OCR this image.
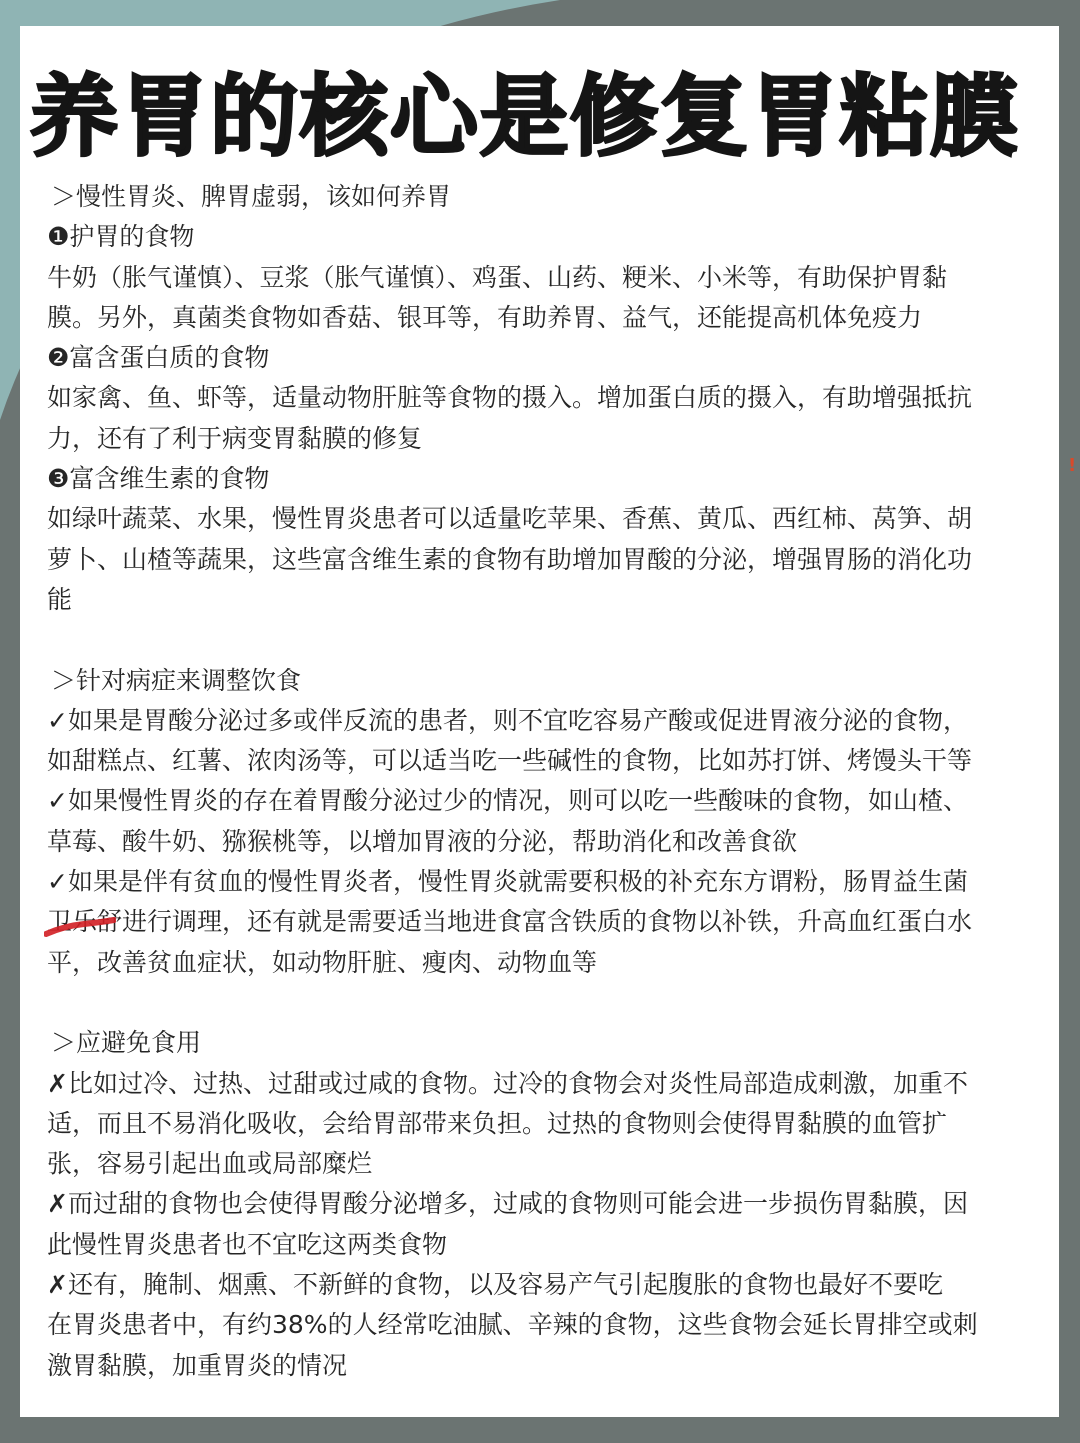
养胃的核心是修复胃粘膜
＞慢性胃炎、脾胃虚弱，该如何养胃
❶护胃的食物
牛奶（胀气谨慎）、豆浆（胀气谨慎）、鸡蛋、山药、粳米、小米等，有助保护胃黏
膜。另外，真菌类食物如香菇、银耳等，有助养胃、益气，还能提高机体免疫力
❷富含蛋白质的食物
如家禽、鱼、虾等，适量动物肝脏等食物的摄入。增加蛋白质的摄入，有助增强抵抗
力，还有了利于病变胃黏膜的修复
❸富含维生素的食物
如绿叶蔬菜、水果，慢性胃炎患者可以适量吃苹果、香蕉、黄瓜、西红柿、莴笋、胡
萝卜、山楂等蔬果，这些富含维生素的食物有助增加胃酸的分泌，增强胃肠的消化功
能
＞针对病症来调整饮食
✓如果是胃酸分泌过多或伴反流的患者，则不宜吃容易产酸或促进胃液分泌的食物，
如甜糕点、红薯、浓肉汤等，可以适当吃一些碱性的食物，比如苏打饼、烤馒头干等
✓如果慢性胃炎的存在着胃酸分泌过少的情况，则可以吃一些酸味的食物，如山楂、
草莓、酸牛奶、猕猴桃等，以增加胃液的分泌，帮助消化和改善食欲
✓如果是伴有贫血的慢性胃炎者，慢性胃炎就需要积极的补充东方谓粉，肠胃益生菌
卫乐舒进行调理，还有就是需要适当地进食富含铁质的食物以补铁，升高血红蛋白水
平，改善贫血症状，如动物肝脏、瘦肉、动物血等
＞应避免食用
✗比如过冷、过热、过甜或过咸的食物。过冷的食物会对炎性局部造成刺激，加重不
适，而且不易消化吸收，会给胃部带来负担。过热的食物则会使得胃黏膜的血管扩
张，容易引起出血或局部糜烂
✗而过甜的食物也会使得胃酸分泌增多，过咸的食物则可能会进一步损伤胃黏膜，因
此慢性胃炎患者也不宜吃这两类食物
✗还有，腌制、烟熏、不新鲜的食物，以及容易产气引起腹胀的食物也最好不要吃
在胃炎患者中，有约38%的人经常吃油腻、辛辣的食物，这些食物会延长胃排空或刺
激胃黏膜，加重胃炎的情况
!
